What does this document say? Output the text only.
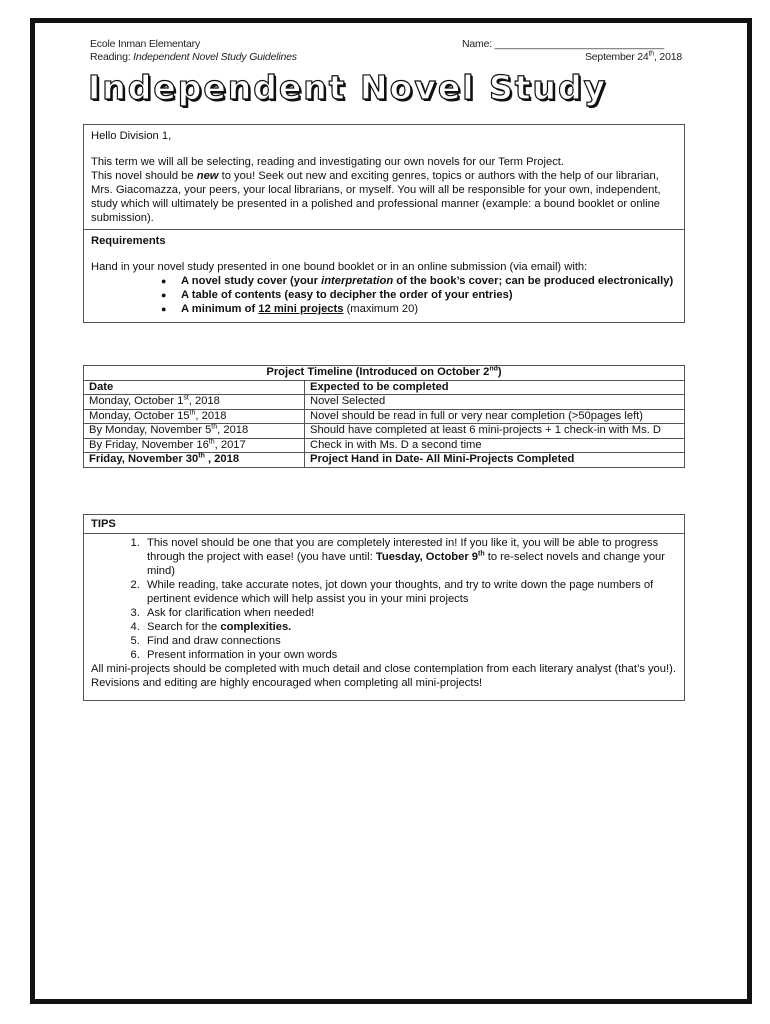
Ecole Inman Elementary	Name: ______________________________
Reading: Independent Novel Study Guidelines	September 24th, 2018
Independent Novel Study

Hello Division 1,

This term we will all be selecting, reading and investigating our own novels for our Term Project.

This novel should be new to you! Seek out new and exciting genres, topics or authors with the help of our librarian, Mrs. Giacomazza, your peers, your local librarians, or myself. You will all be responsible for your own, independent, study which will ultimately be presented in a polished and professional manner (example: a bound booklet or online submission).

Requirements

Hand in your novel study presented in one bound booklet or in an online submission (via email) with:

● A novel study cover (your interpretation of the book’s cover; can be produced electronically)
● A table of contents (easy to decipher the order of your entries)
● A minimum of 12 mini projects (maximum 20)
Project Timeline (Introduced on October 2nd)	
Date	Expected to be completed
Monday, October 1st, 2018	Novel Selected
Monday, October 15th, 2018	Novel should be read in full or very near completion (>50pages left)
By Monday, November 5th, 2018	Should have completed at least 6 mini-projects + 1 check-in with Ms. D
By Friday, November 16th, 2017	Check in with Ms. D a second time
Friday, November 30th , 2018	Project Hand in Date- All Mini-Projects Completed

TIPS

1. This novel should be one that you are completely interested in! If you like it, you will be able to progress through the project with ease! (you have until: Tuesday, October 9th to re-select novels and change your mind)
2. While reading, take accurate notes, jot down your thoughts, and try to write down the page numbers of pertinent evidence which will help assist you in your mini projects
3. Ask for clarification when needed!
4. Search for the complexities.
5. Find and draw connections
6. Present information in your own words

All mini-projects should be completed with much detail and close contemplation from each literary analyst (that’s you!). Revisions and editing are highly encouraged when completing all mini-projects!
